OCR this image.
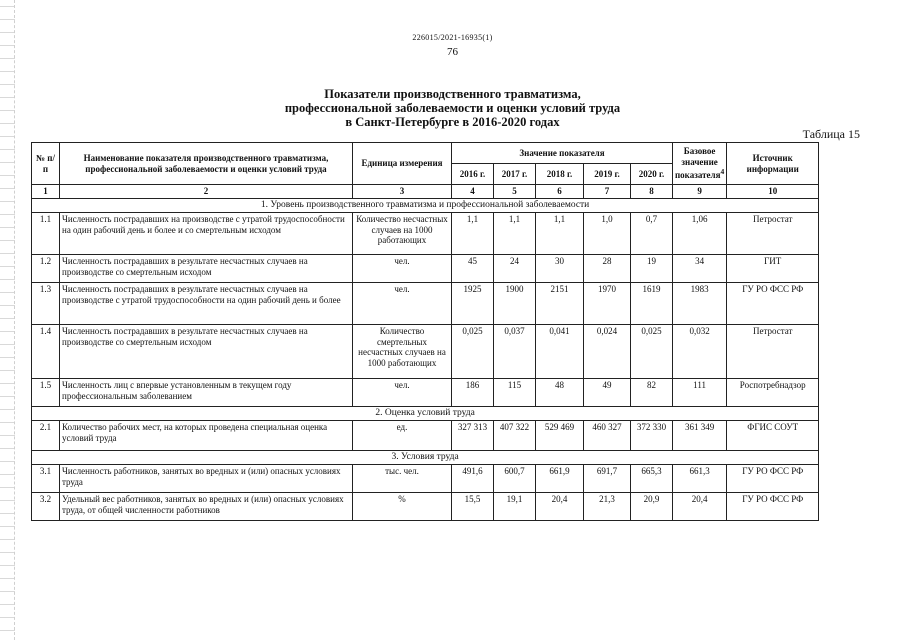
226015/2021-16935(1)
76
Показатели производственного травматизма,
профессиональной заболеваемости и оценки условий труда
в Санкт-Петербурге в 2016-2020 годах
Таблица 15
№ п/п	Наименование показателя производственного травматизма, профессиональной заболеваемости и оценки условий труда	Единица измерения	Значение показателя					Базовое значение показателя$^4$	Источник информации
			2016 г.	2017 г.	2018 г.	2019 г.	2020 г.		
1	2	3	4	5	6	7	8	9	10
1. Уровень производственного травматизма и профессиональной заболеваемости									
1.1	Численность пострадавших на производстве с утратой трудоспособности на один рабочий день и более и со смертельным исходом	Количество несчастных случаев на 1000 работающих	1,1	1,1	1,1	1,0	0,7	1,06	Петростат
1.2	Численность пострадавших в результате несчастных случаев на производстве со смертельным исходом	чел.	45	24	30	28	19	34	ГИТ
1.3	Численность пострадавших в результате несчастных случаев на производстве с утратой трудоспособности на один рабочий день и более	чел.	1925	1900	2151	1970	1619	1983	ГУ РО ФСС РФ
1.4	Численность пострадавших в результате несчастных случаев на производстве со смертельным исходом	Количество смертельных несчастных случаев на 1000 работающих	0,025	0,037	0,041	0,024	0,025	0,032	Петростат
1.5	Численность лиц с впервые установленным в текущем году профессиональным заболеванием	чел.	186	115	48	49	82	111	Роспотребнадзор
2. Оценка условий труда									
2.1	Количество рабочих мест, на которых проведена специальная оценка условий труда	ед.	327 313	407 322	529 469	460 327	372 330	361 349	ФГИС СОУТ
3. Условия труда									
3.1	Численность работников, занятых во вредных и (или) опасных условиях труда	тыс. чел.	491,6	600,7	661,9	691,7	665,3	661,3	ГУ РО ФСС РФ
3.2	Удельный вес работников, занятых во вредных и (или) опасных условиях труда, от общей численности работников	%	15,5	19,1	20,4	21,3	20,9	20,4	ГУ РО ФСС РФ
